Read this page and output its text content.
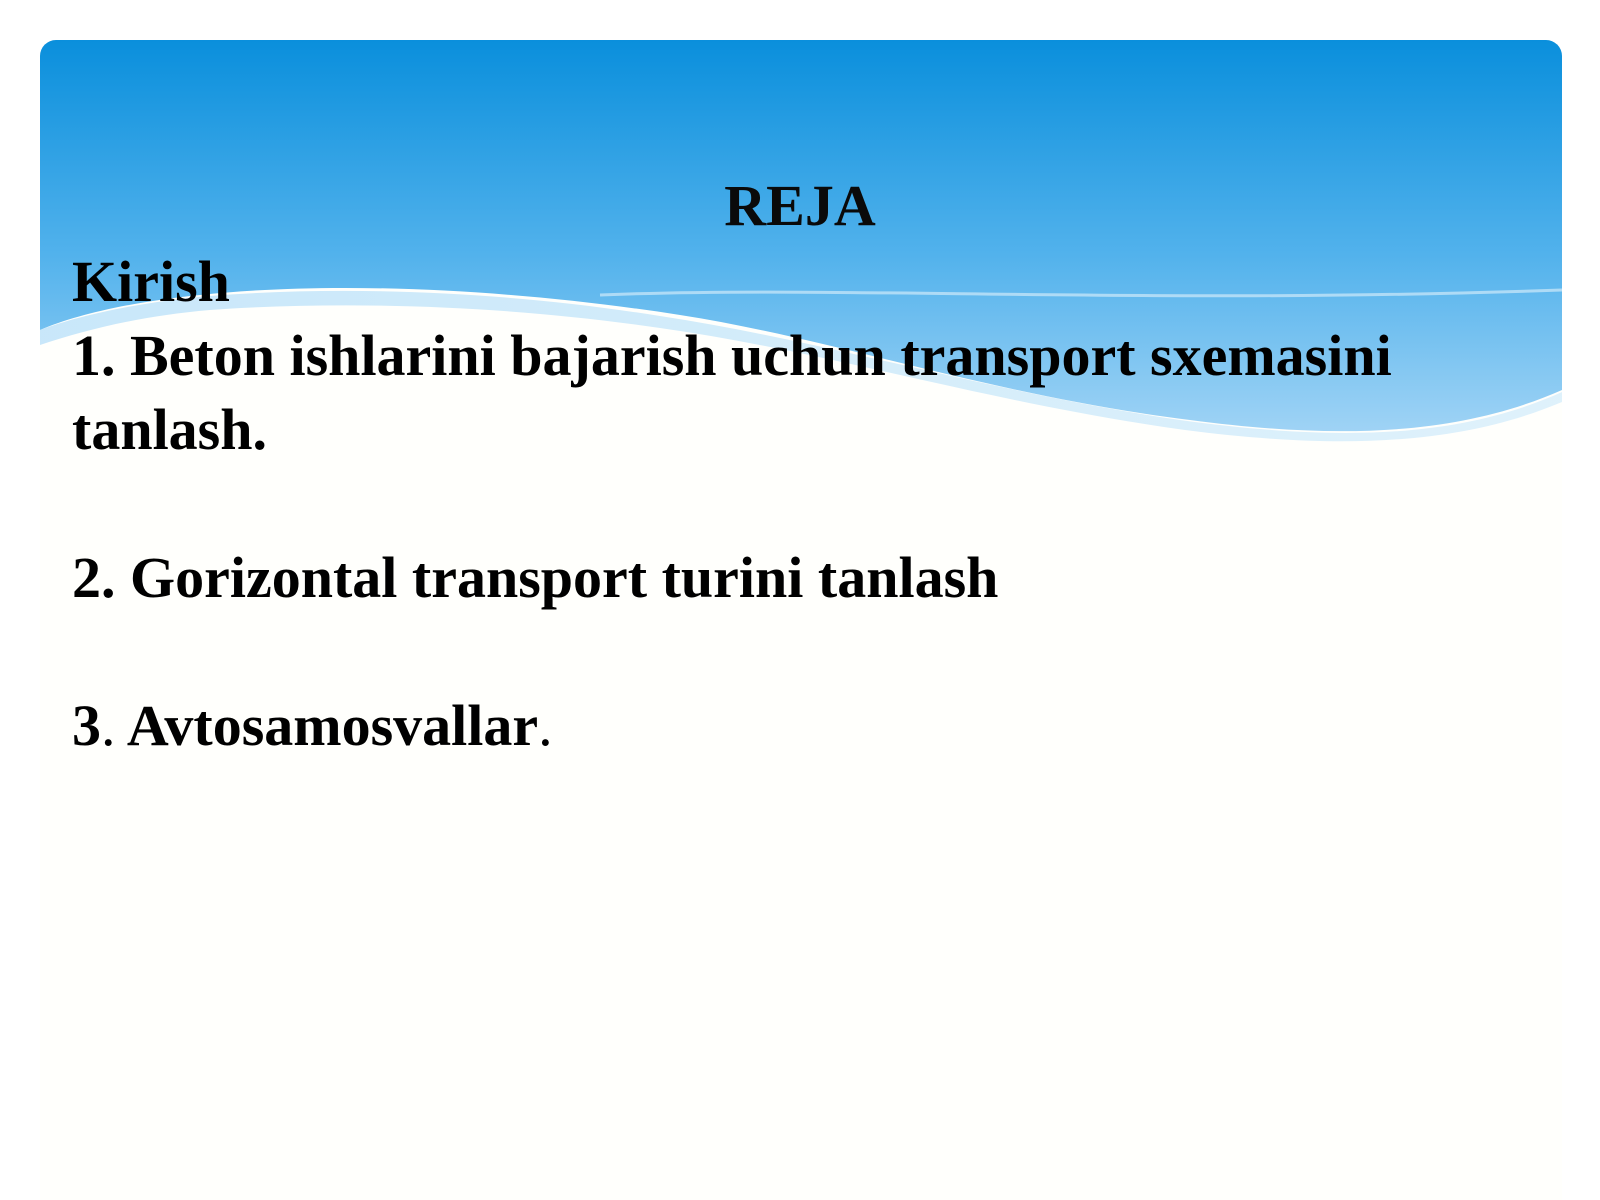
REJA

Kirish

1. Beton ishlarini bajarish uchun transport sxemasini

tanlash.

2. Gorizontal transport turini tanlash

3. Avtosamosvallar.
